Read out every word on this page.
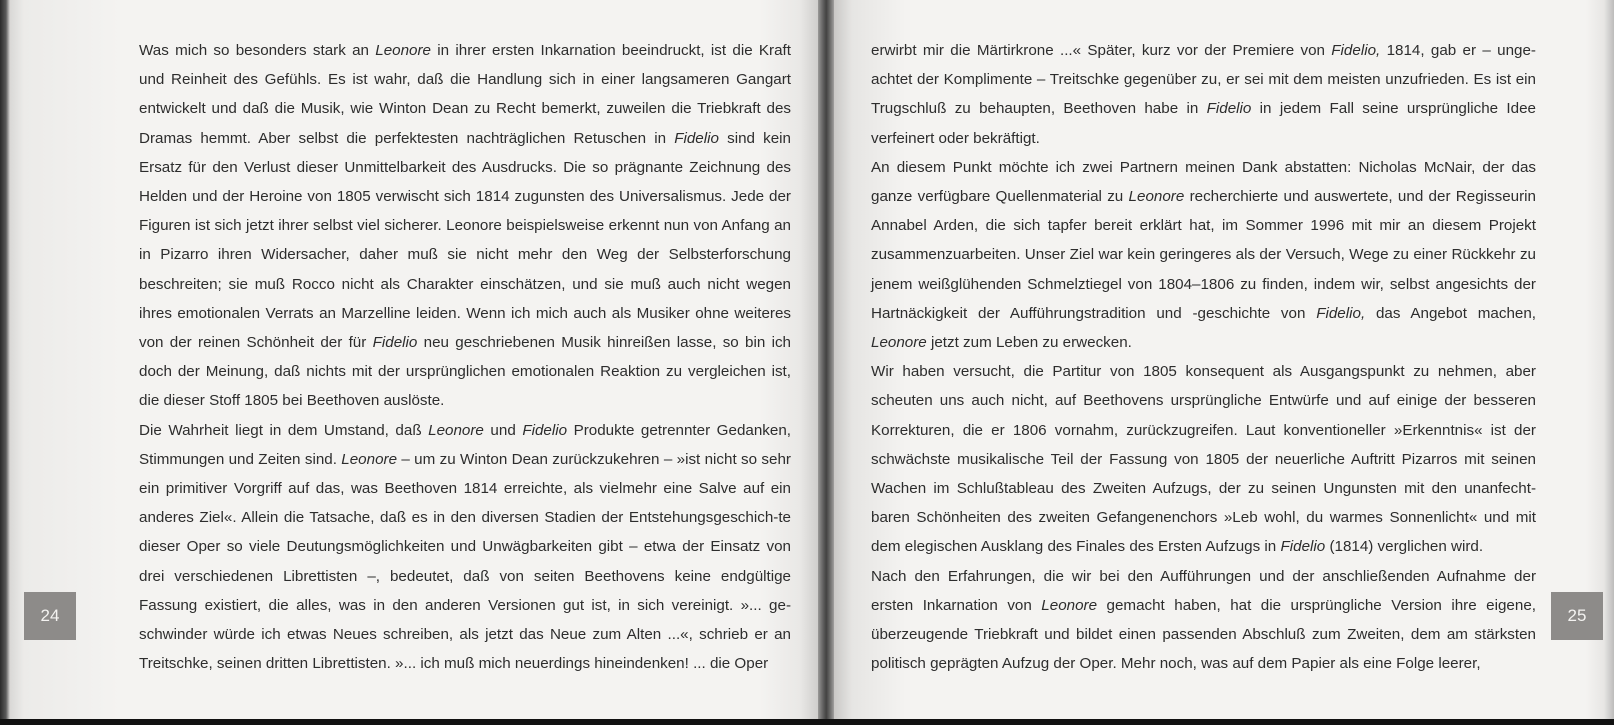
Was mich so besonders stark an Leonore in ihrer ersten Inkarnation beeindruckt, ist die Kraft und Reinheit des Gefühls. Es ist wahr, daß die Handlung sich in einer langsameren Gangart entwickelt und daß die Musik, wie Winton Dean zu Recht bemerkt, zuweilen die Triebkraft des Dramas hemmt. Aber selbst die perfektesten nachträglichen Retuschen in Fidelio sind kein Ersatz für den Verlust dieser Unmittelbarkeit des Ausdrucks. Die so prägnante Zeichnung des Helden und der Heroine von 1805 verwischt sich 1814 zugunsten des Universalismus. Jede der Figuren ist sich jetzt ihrer selbst viel sicherer. Leonore beispielsweise erkennt nun von Anfang an in Pizarro ihren Widersacher, daher muß sie nicht mehr den Weg der Selbsterforschung beschreiten; sie muß Rocco nicht als Charakter einschätzen, und sie muß auch nicht wegen ihres emotionalen Verrats an Marzelline leiden. Wenn ich mich auch als Musiker ohne weiteres von der reinen Schönheit der für Fidelio neu geschriebenen Musik hinreißen lasse, so bin ich doch der Meinung, daß nichts mit der ursprünglichen emotionalen Reaktion zu vergleichen ist, die dieser Stoff 1805 bei Beethoven auslöste.

Die Wahrheit liegt in dem Umstand, daß Leonore und Fidelio Produkte getrennter Gedanken, Stimmungen und Zeiten sind. Leonore – um zu Winton Dean zurückzukehren – »ist nicht so sehr ein primitiver Vorgriff auf das, was Beethoven 1814 erreichte, als vielmehr eine Salve auf ein anderes Ziel«. Allein die Tatsache, daß es in den diversen Stadien der Entstehungsgeschich-te dieser Oper so viele Deutungsmöglichkeiten und Unwägbarkeiten gibt – etwa der Einsatz von drei verschiedenen Librettisten –, bedeutet, daß von seiten Beethovens keine endgültige Fassung existiert, die alles, was in den anderen Versionen gut ist, in sich vereinigt. »... ge-schwinder würde ich etwas Neues schreiben, als jetzt das Neue zum Alten ...«, schrieb er an Treitschke, seinen dritten Librettisten. »... ich muß mich neuerdings hineindenken! ... die Oper

24

erwirbt mir die Märtirkrone ...« Später, kurz vor der Premiere von Fidelio, 1814, gab er – unge-achtet der Komplimente – Treitschke gegenüber zu, er sei mit dem meisten unzufrieden. Es ist ein Trugschluß zu behaupten, Beethoven habe in Fidelio in jedem Fall seine ursprüngliche Idee verfeinert oder bekräftigt.

An diesem Punkt möchte ich zwei Partnern meinen Dank abstatten: Nicholas McNair, der das ganze verfügbare Quellenmaterial zu Leonore recherchierte und auswertete, und der Regisseurin Annabel Arden, die sich tapfer bereit erklärt hat, im Sommer 1996 mit mir an diesem Projekt zusammenzuarbeiten. Unser Ziel war kein geringeres als der Versuch, Wege zu einer Rückkehr zu jenem weißglühenden Schmelztiegel von 1804–1806 zu finden, indem wir, selbst angesichts der Hartnäckigkeit der Aufführungstradition und -geschichte von Fidelio, das Angebot machen, Leonore jetzt zum Leben zu erwecken.

Wir haben versucht, die Partitur von 1805 konsequent als Ausgangspunkt zu nehmen, aber scheuten uns auch nicht, auf Beethovens ursprüngliche Entwürfe und auf einige der besseren Korrekturen, die er 1806 vornahm, zurückzugreifen. Laut konventioneller »Erkenntnis« ist der schwächste musikalische Teil der Fassung von 1805 der neuerliche Auftritt Pizarros mit seinen Wachen im Schlußtableau des Zweiten Aufzugs, der zu seinen Ungunsten mit den unanfecht-baren Schönheiten des zweiten Gefangenenchors »Leb wohl, du warmes Sonnenlicht« und mit dem elegischen Ausklang des Finales des Ersten Aufzugs in Fidelio (1814) verglichen wird.

Nach den Erfahrungen, die wir bei den Aufführungen und der anschließenden Aufnahme der ersten Inkarnation von Leonore gemacht haben, hat die ursprüngliche Version ihre eigene, überzeugende Triebkraft und bildet einen passenden Abschluß zum Zweiten, dem am stärksten politisch geprägten Aufzug der Oper. Mehr noch, was auf dem Papier als eine Folge leerer,

25
